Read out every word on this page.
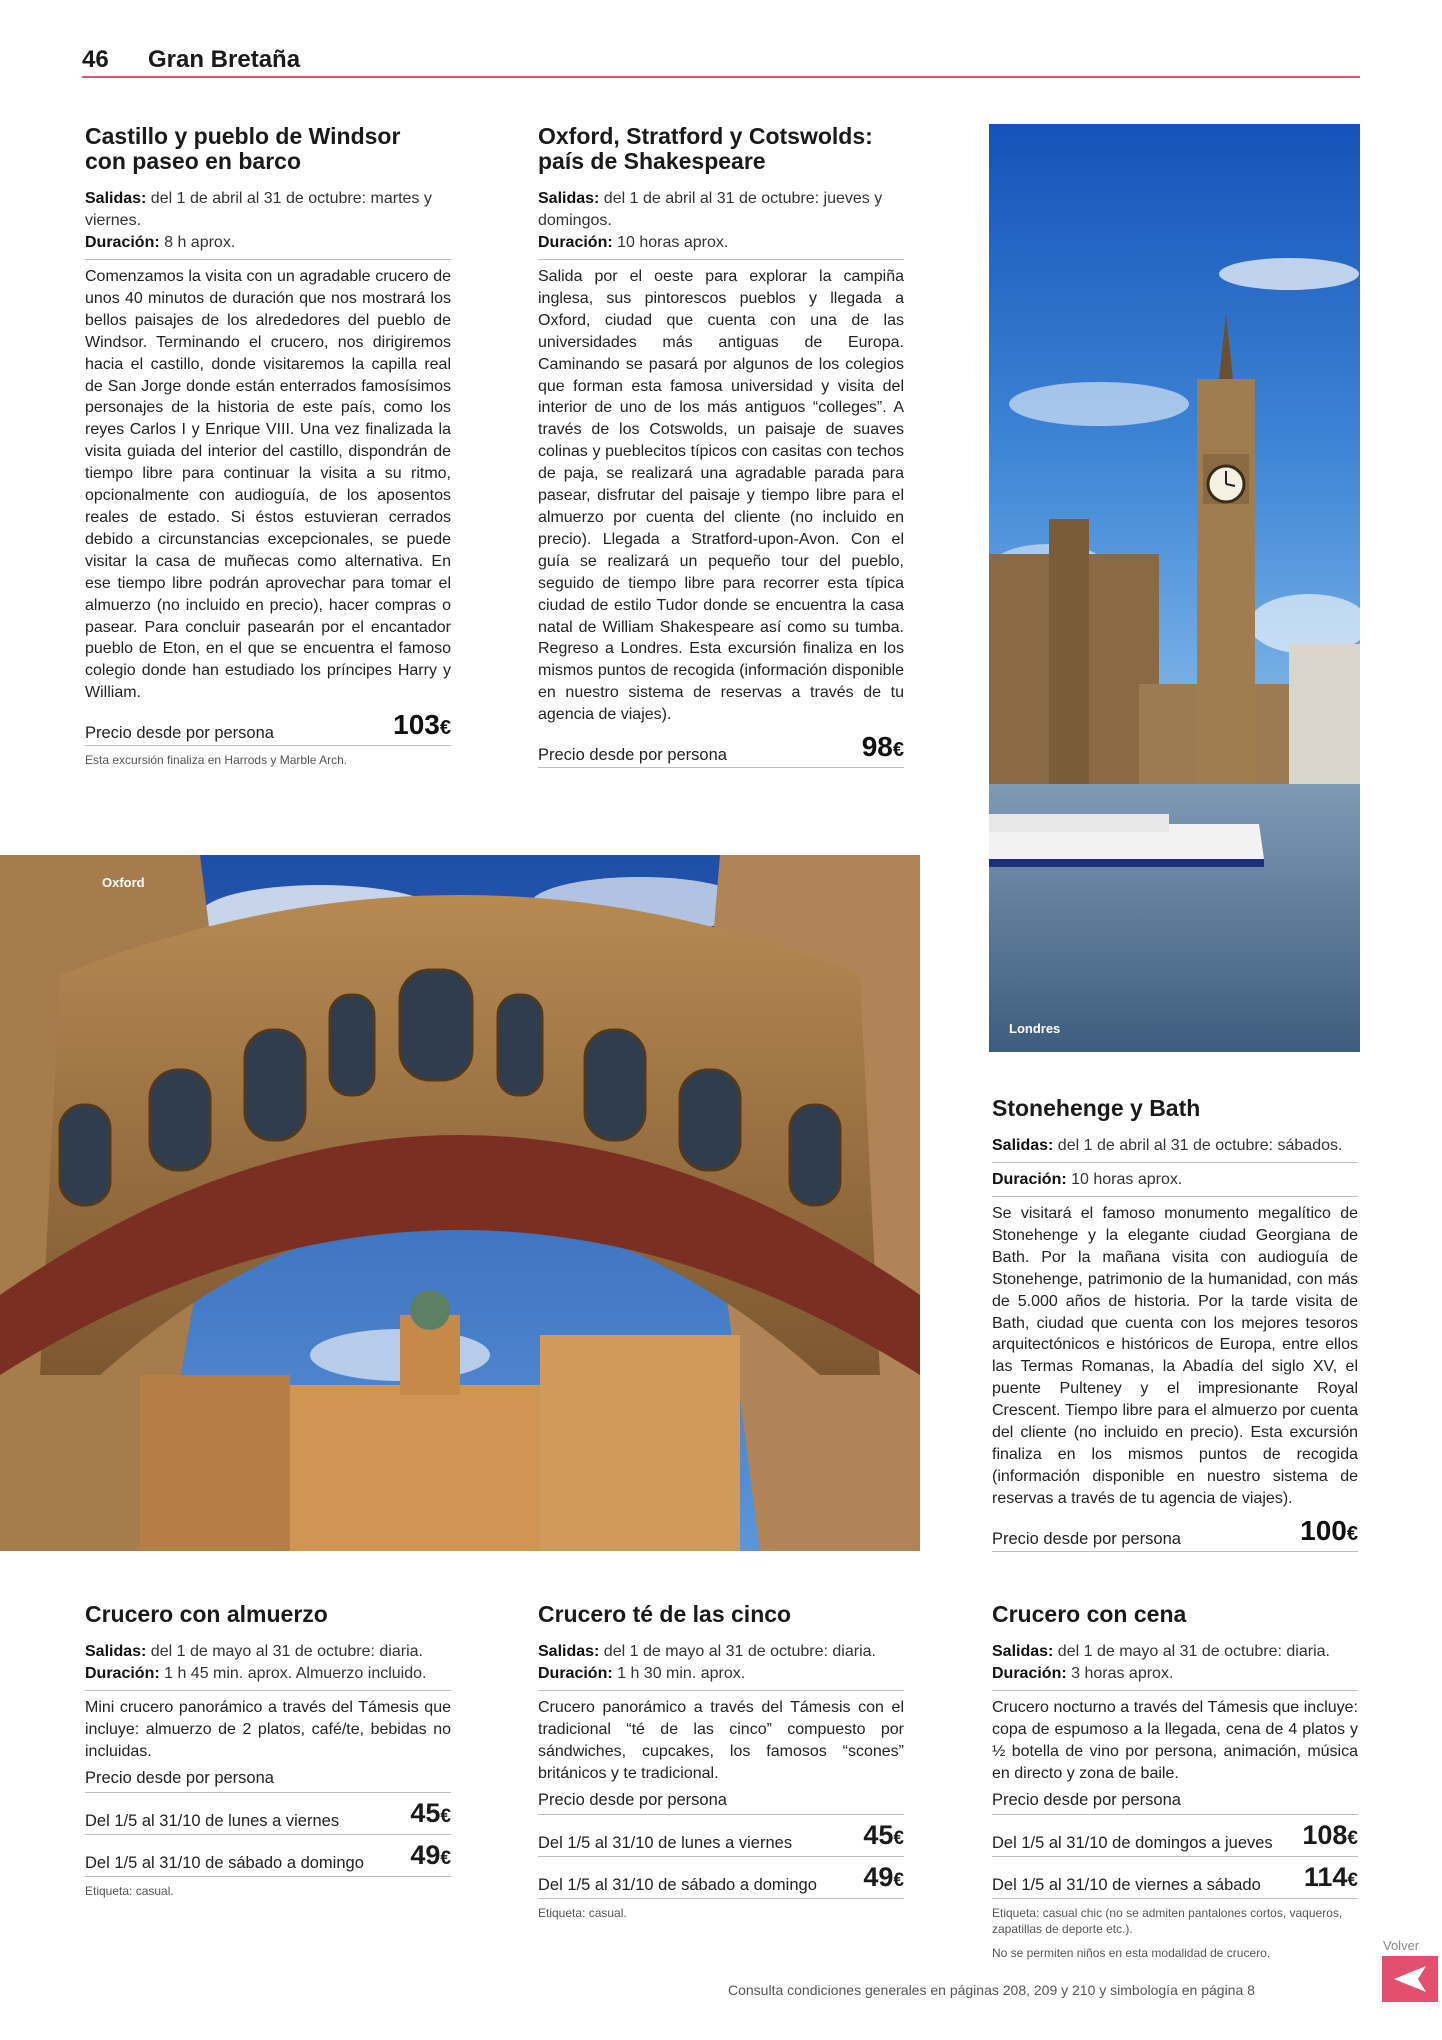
46 Gran Bretaña
Castillo y pueblo de Windsor
con paseo en barco
Salidas: del 1 de abril al 31 de octubre: martes y viernes.
Duración: 8 h aprox.
Comenzamos la visita con un agradable crucero de unos 40 minutos de duración que nos mostrará los bellos paisajes de los alrededores del pueblo de Windsor. Terminando el crucero, nos dirigiremos hacia el castillo, donde visitaremos la capilla real de San Jorge donde están enterrados famosísimos personajes de la historia de este país, como los reyes Carlos I y Enrique VIII. Una vez finalizada la visita guiada del interior del castillo, dispondrán de tiempo libre para continuar la visita a su ritmo, opcionalmente con audioguía, de los aposentos reales de estado. Si éstos estuvieran cerrados debido a circunstancias excepcionales, se puede visitar la casa de muñecas como alternativa. En ese tiempo libre podrán aprovechar para tomar el almuerzo (no incluido en precio), hacer compras o pasear. Para concluir pasearán por el encantador pueblo de Eton, en el que se encuentra el famoso colegio donde han estudiado los príncipes Harry y William.
Precio desde por persona	103€
Esta excursión finaliza en Harrods y Marble Arch.
Oxford, Stratford y Cotswolds:
país de Shakespeare
Salidas: del 1 de abril al 31 de octubre: jueves y domingos.
Duración: 10 horas aprox.
Salida por el oeste para explorar la campiña inglesa, sus pintorescos pueblos y llegada a Oxford, ciudad que cuenta con una de las universidades más antiguas de Europa. Caminando se pasará por algunos de los colegios que forman esta famosa universidad y visita del interior de uno de los más antiguos “colleges”. A través de los Cotswolds, un paisaje de suaves colinas y pueblecitos típicos con casitas con techos de paja, se realizará una agradable parada para pasear, disfrutar del paisaje y tiempo libre para el almuerzo por cuenta del cliente (no incluido en precio). Llegada a Stratford-upon-Avon. Con el guía se realizará un pequeño tour del pueblo, seguido de tiempo libre para recorrer esta típica ciudad de estilo Tudor donde se encuentra la casa natal de William Shakespeare así como su tumba. Regreso a Londres. Esta excursión finaliza en los mismos puntos de recogida (información disponible en nuestro sistema de reservas a través de tu agencia de viajes).
Precio desde por persona	98€
Londres
Oxford
Stonehenge y Bath
Salidas: del 1 de abril al 31 de octubre: sábados.
Duración: 10 horas aprox.
Se visitará el famoso monumento megalítico de Stonehenge y la elegante ciudad Georgiana de Bath. Por la mañana visita con audioguía de Stonehenge, patrimonio de la humanidad, con más de 5.000 años de historia. Por la tarde visita de Bath, ciudad que cuenta con los mejores tesoros arquitectónicos e históricos de Europa, entre ellos las Termas Romanas, la Abadía del siglo XV, el puente Pulteney y el impresionante Royal Crescent. Tiempo libre para el almuerzo por cuenta del cliente (no incluido en precio). Esta excursión finaliza en los mismos puntos de recogida (información disponible en nuestro sistema de reservas a través de tu agencia de viajes).
Precio desde por persona	100€
Crucero con almuerzo
Salidas: del 1 de mayo al 31 de octubre: diaria.
Duración: 1 h 45 min. aprox. Almuerzo incluido.
Mini crucero panorámico a través del Támesis que incluye: almuerzo de 2 platos, café/te, bebidas no incluidas.
Precio desde por persona
Del 1/5 al 31/10 de lunes a viernes	45€
Del 1/5 al 31/10 de sábado a domingo 49€
Etiqueta: casual.
Crucero té de las cinco
Salidas: del 1 de mayo al 31 de octubre: diaria.
Duración: 1 h 30 min. aprox.
Crucero panorámico a través del Támesis con el tradicional “té de las cinco” compuesto por sándwiches, cupcakes, los famosos “scones” británicos y te tradicional.
Precio desde por persona
Del 1/5 al 31/10 de lunes a viernes	45€
Del 1/5 al 31/10 de sábado a domingo 49€
Etiqueta: casual.
Crucero con cena
Salidas: del 1 de mayo al 31 de octubre: diaria.
Duración: 3 horas aprox.
Crucero nocturno a través del Támesis que incluye: copa de espumoso a la llegada, cena de 4 platos y ½ botella de vino por persona, animación, música en directo y zona de baile.
Precio desde por persona
Del 1/5 al 31/10 de domingos a jueves 108€
Del 1/5 al 31/10 de viernes a sábado 114€
Etiqueta: casual chic (no se admiten pantalones cortos, vaqueros, zapatillas de deporte etc.).
No se permiten niños en esta modalidad de crucero.
Consulta condiciones generales en páginas 208, 209 y 210 y simbología en página 8
Volver
